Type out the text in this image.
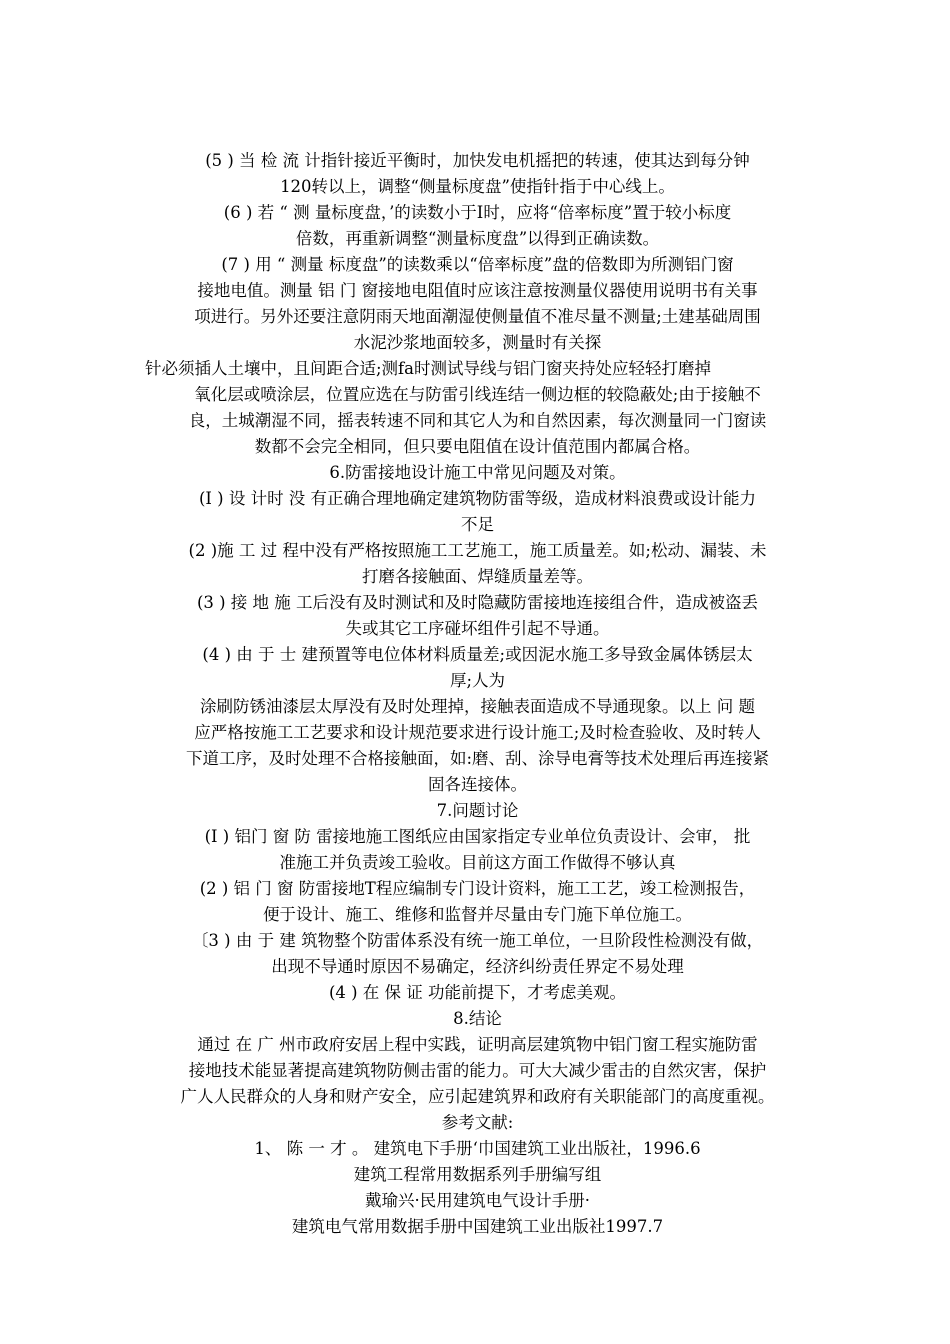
(5 ) 当 检 流 计指针接近平衡时，加快发电机摇把的转速，使其达到每分钟
120转以上，调整“侧量标度盘”使指针指于中心线上。
(6 ) 若 “ 测 量标度盘，’的读数小于I时，应将“倍率标度”置于较小标度
倍数，再重新调整“测量标度盘”以得到正确读数。
(7 ) 用 “ 测量 标度盘”的读数乘以“倍率标度”盘的倍数即为所测铝门窗
接地电值。测量 铝 门 窗接地电阻值时应该注意按测量仪器使用说明书有关事
项进行。另外还要注意阴雨天地面潮湿使侧量值不准尽量不测量;土建基础周围
水泥沙浆地面较多，测量时有关探
针必须插人土壤中，且间距合适;测fa时测试导线与铝门窗夹持处应轻轻打磨掉
氧化层或喷涂层，位置应选在与防雷引线连结一侧边框的较隐蔽处;由于接触不
良，土城潮湿不同，摇表转速不同和其它人为和自然因素，每次测量同一门窗读
数都不会完全相同，但只要电阻值在设计值范围内都属合格。
6.防雷接地设计施工中常见问题及对策。
(I ) 设 计时 没 有正确合理地确定建筑物防雷等级，造成材料浪费或设计能力
不足
(2 )施 工 过 程中没有严格按照施工工艺施工，施工质量差。如;松动、漏装、未
打磨各接触面、焊缝质量差等。
(3 ) 接 地 施 工后没有及时测试和及时隐藏防雷接地连接组合件，造成被盗丢
失或其它工序碰坏组件引起不导通。
(4 ) 由 于 士 建预置等电位体材料质量差;或因泥水施工多导致金属体锈层太
厚;人为
涂刷防锈油漆层太厚没有及时处理掉，接触表面造成不导通现象。以上 问 题
应严格按施工工艺要求和设计规范要求进行设计施工;及时检查验收、及时转人
下道工序，及时处理不合格接触面，如:磨、刮、涂导电膏等技术处理后再连接紧
固各连接体。
7.问题讨论
(I ) 铝门 窗 防 雷接地施工图纸应由国家指定专业单位负责设计、会审， 批
准施工并负责竣工验收。目前这方面工作做得不够认真
(2 ) 铝 门 窗 防雷接地T程应编制专门设计资料，施工工艺，竣工检测报告，
便于设计、施工、维修和监督并尽量由专门施下单位施工。
〔3 ) 由 于 建 筑物整个防雷体系没有统一施工单位，一旦阶段性检测没有做，
出现不导通时原因不易确定，经济纠纷责任界定不易处理
(4 ) 在 保 证 功能前提下，才考虑美观。
8.结论
通过 在 广 州市政府安居上程中实践，证明高层建筑物中铝门窗工程实施防雷
接地技术能显著提高建筑物防侧击雷的能力。可大大减少雷击的自然灾害，保护
广人人民群众的人身和财产安全，应引起建筑界和政府有关职能部门的高度重视。
参考文献:
1、 陈 一 才 。 建筑电下手册‘巾国建筑工业出版社，1996.6
建筑工程常用数据系列手册编写组
戴瑜兴·民用建筑电气设计手册·
建筑电气常用数据手册中国建筑工业出版社1997.7
